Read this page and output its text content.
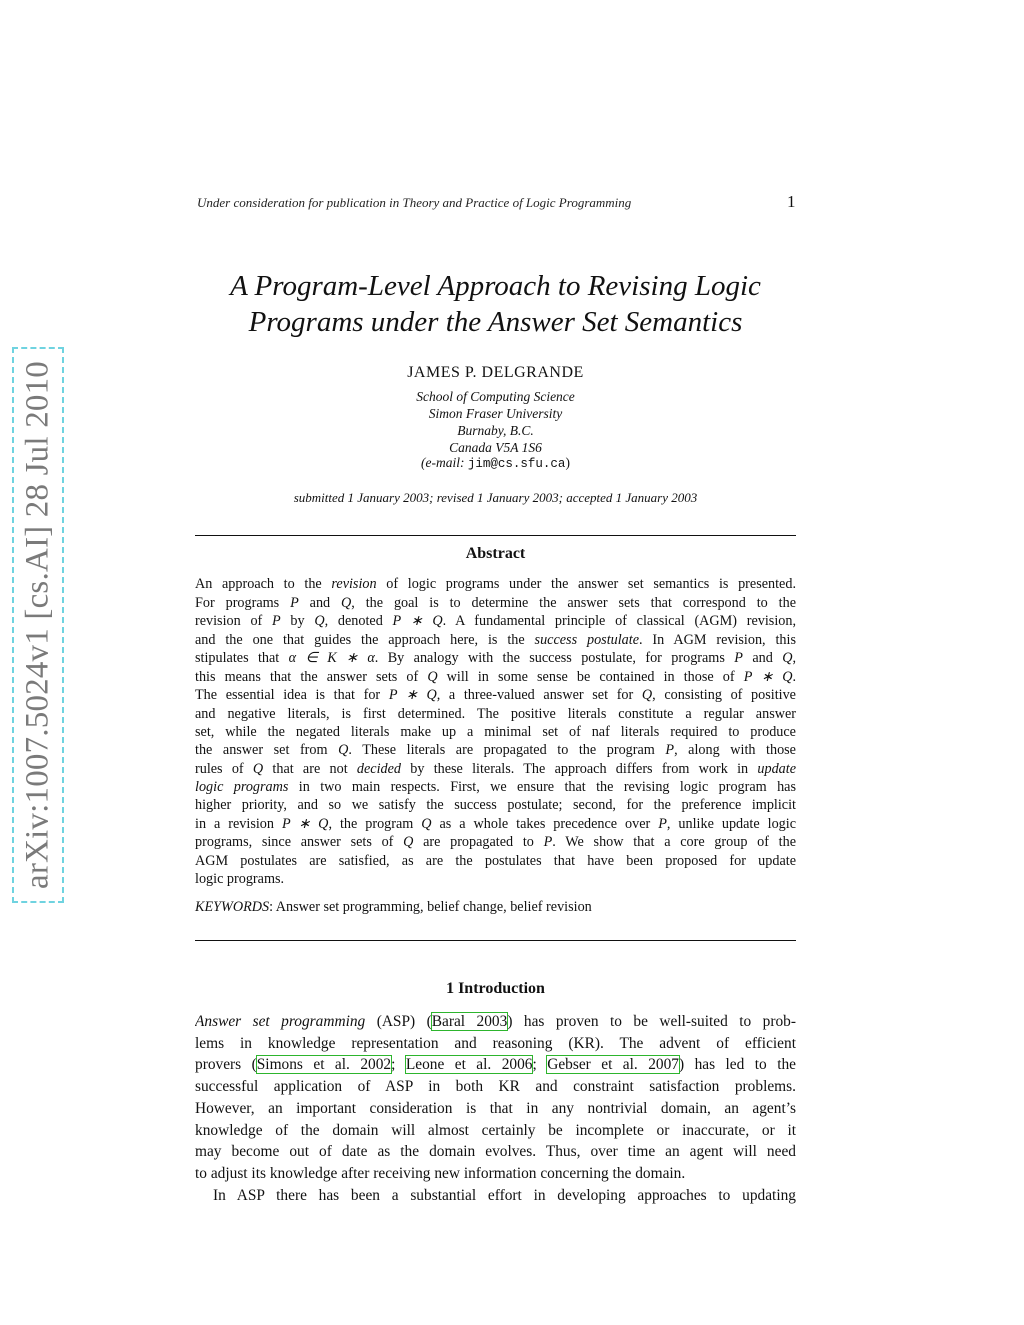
arXiv:1007.5024v1 [cs.AI] 28 Jul 2010
Under consideration for publication in Theory and Practice of Logic Programming	1
A Program-Level Approach to Revising Logic
Programs under the Answer Set Semantics
JAMES P. DELGRANDE
School of Computing Science
Simon Fraser University
Burnaby, B.C.
Canada V5A 1S6
(e-mail: jim@cs.sfu.ca)
submitted 1 January 2003; revised 1 January 2003; accepted 1 January 2003
Abstract
An approach to the revision of logic programs under the answer set semantics is presented.
For programs P and Q, the goal is to determine the answer sets that correspond to the
revision of P by Q, denoted P ∗ Q. A fundamental principle of classical (AGM) revision,
and the one that guides the approach here, is the success postulate. In AGM revision, this
stipulates that α ∈ K ∗ α. By analogy with the success postulate, for programs P and Q,
this means that the answer sets of Q will in some sense be contained in those of P ∗ Q.
The essential idea is that for P ∗ Q, a three-valued answer set for Q, consisting of positive
and negative literals, is first determined. The positive literals constitute a regular answer
set, while the negated literals make up a minimal set of naf literals required to produce
the answer set from Q. These literals are propagated to the program P, along with those
rules of Q that are not decided by these literals. The approach differs from work in update
logic programs in two main respects. First, we ensure that the revising logic program has
higher priority, and so we satisfy the success postulate; second, for the preference implicit
in a revision P ∗ Q, the program Q as a whole takes precedence over P, unlike update logic
programs, since answer sets of Q are propagated to P. We show that a core group of the
AGM postulates are satisfied, as are the postulates that have been proposed for update
logic programs.
KEYWORDS: Answer set programming, belief change, belief revision
1 Introduction
Answer set programming (ASP) (Baral 2003) has proven to be well-suited to prob-
lems in knowledge representation and reasoning (KR). The advent of efficient
provers (Simons et al. 2002; Leone et al. 2006; Gebser et al. 2007) has led to the
successful application of ASP in both KR and constraint satisfaction problems.
However, an important consideration is that in any nontrivial domain, an agent’s
knowledge of the domain will almost certainly be incomplete or inaccurate, or it
may become out of date as the domain evolves. Thus, over time an agent will need
to adjust its knowledge after receiving new information concerning the domain.
In ASP there has been a substantial effort in developing approaches to updating
